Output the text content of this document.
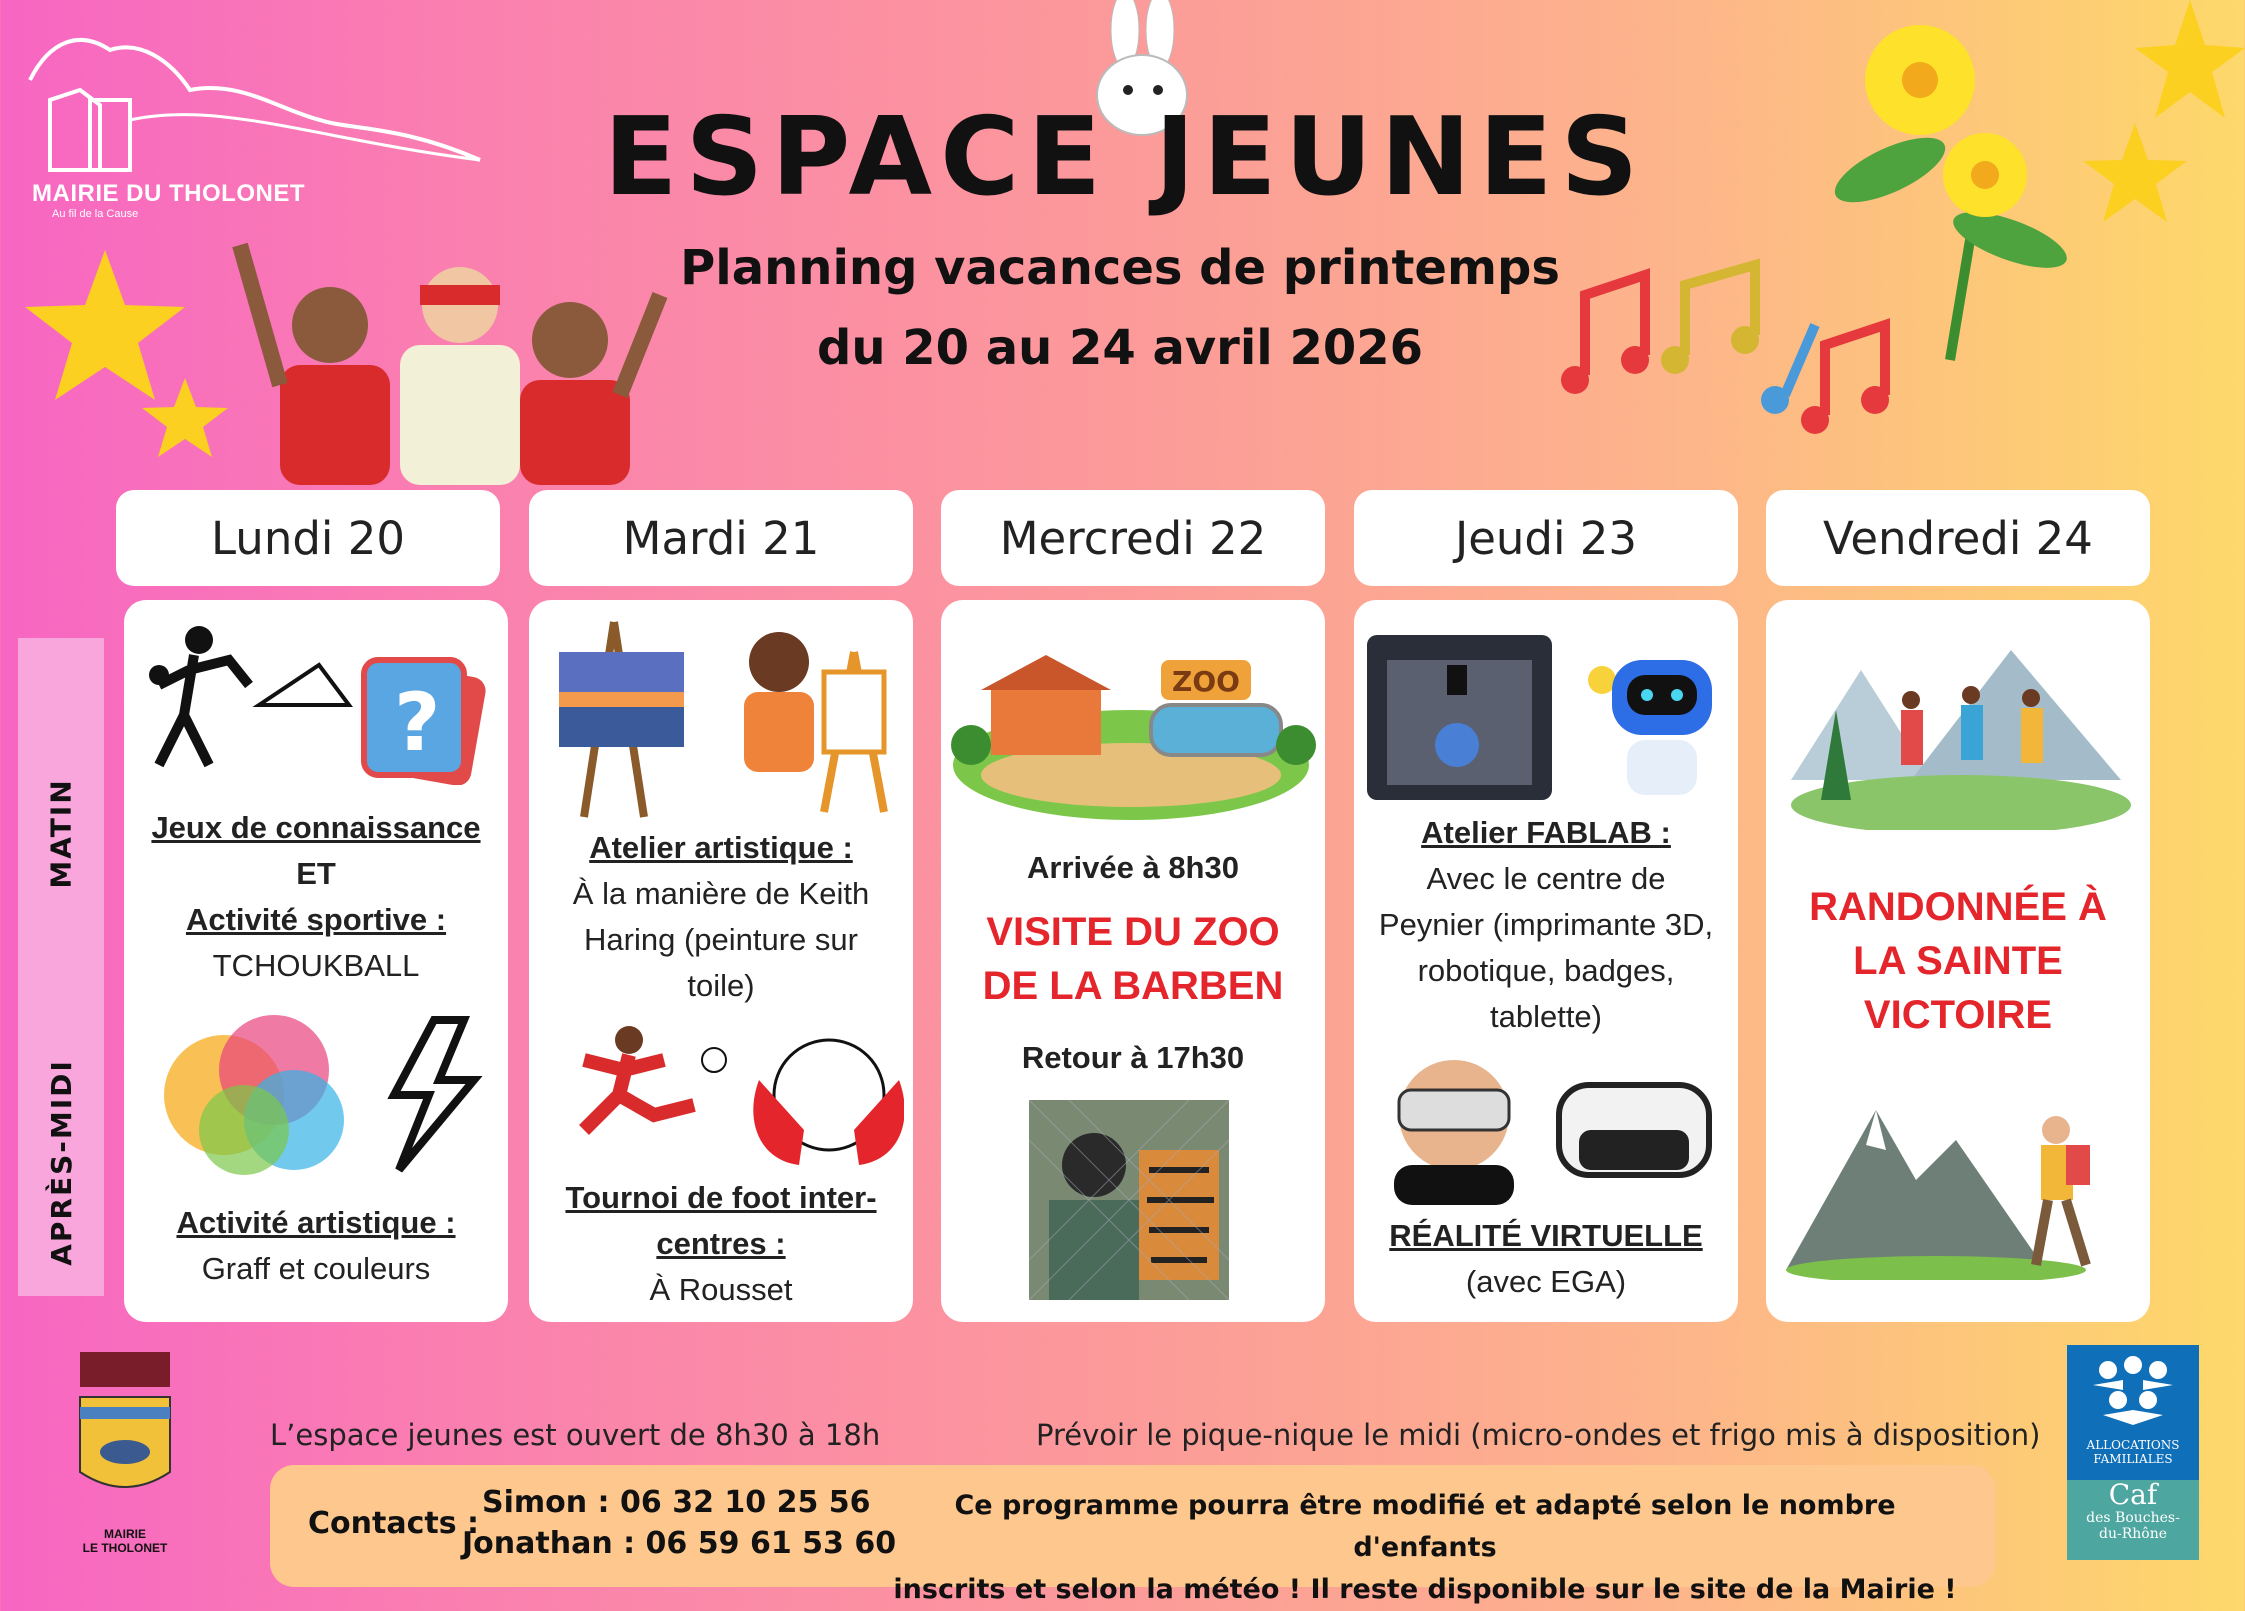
MAIRIE DU THOLONET
Au fil de la Cause	ESPACE JEUNES
Planning vacances de printemps
du 20 au 24 avril 2026
Lundi 20	Mardi 21	Mercredi 22	Jeudi 23	Vendredi 24
MATIN
APRÈS-MIDI
?
Jeux de connaissance
ET
Activité sportive :
TCHOUKBALL
Activité artistique :
Graff et couleurs
Atelier artistique :
À la manière de Keith
Haring (peinture sur
toile)
Tournoi de foot inter-
centres :
À Rousset
ZOO
Arrivée à 8h30
VISITE DU ZOO
DE LA BARBEN
Retour à 17h30
Atelier FABLAB :
Avec le centre de
Peynier (imprimante 3D,
robotique, badges,
tablette)
RÉALITÉ VIRTUELLE
(avec EGA)
RANDONNÉE À
LA SAINTE
VICTOIRE
MAIRIE
LE THOLONET
L’espace jeunes est ouvert de 8h30 à 18h	Prévoir le pique-nique le midi (micro-ondes et frigo mis à disposition)
Contacts :
Simon : 06 32 10 25 56
Jonathan : 06 59 61 53 60
Ce programme pourra être modifié et adapté selon le nombre d'enfants
inscrits et selon la météo ! Il reste disponible sur le site de la Mairie !
ALLOCATIONS
FAMILIALES
Caf
des Bouches-
du-Rhône
